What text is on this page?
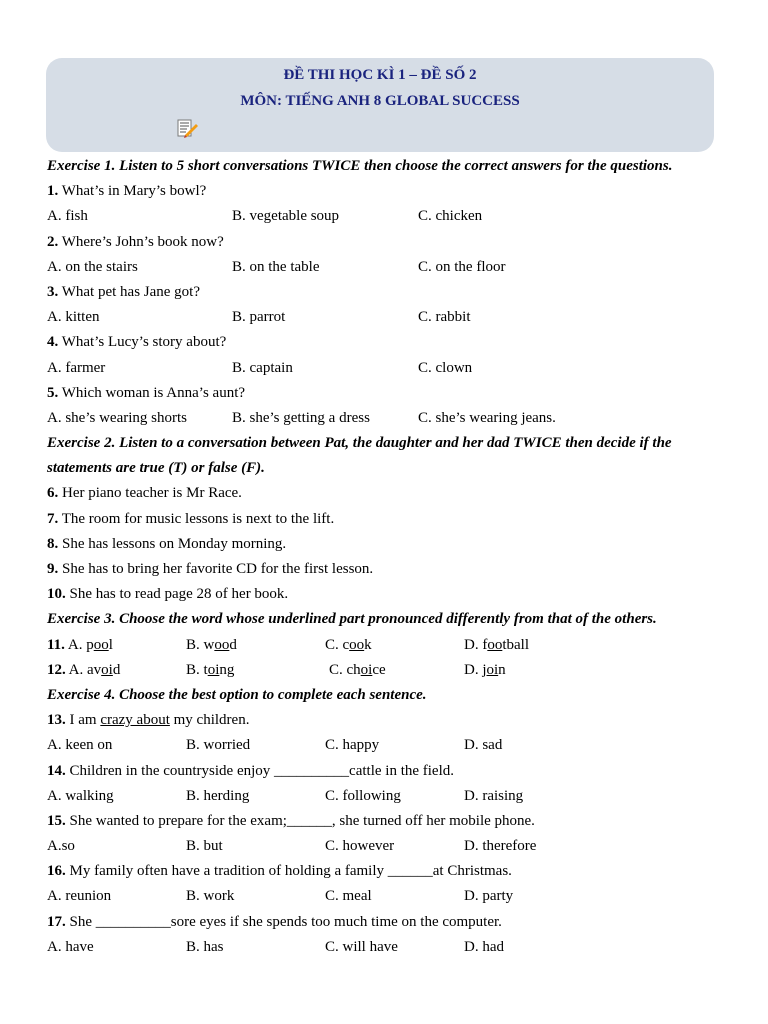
ĐỀ THI HỌC KÌ 1 – ĐỀ SỐ 2
MÔN: TIẾNG ANH 8 GLOBAL SUCCESS
Exercise 1. Listen to 5 short conversations TWICE then choose the correct answers for the questions.
1. What’s in Mary’s bowl?
A. fish	B. vegetable soup	C. chicken
2. Where’s John’s book now?
A. on the stairs	B. on the table	C. on the floor
3. What pet has Jane got?
A. kitten	B. parrot	C. rabbit
4. What’s Lucy’s story about?
A. farmer	B. captain	C. clown
5. Which woman is Anna’s aunt?
A. she’s wearing shorts	B. she’s getting a dress	C. she’s wearing jeans.
Exercise 2. Listen to a conversation between Pat, the daughter and her dad TWICE then decide if the
statements are true (T) or false (F).
6. Her piano teacher is Mr Race.
7. The room for music lessons is next to the lift.
8. She has lessons on Monday morning.
9. She has to bring her favorite CD for the first lesson.
10. She has to read page 28 of her book.
Exercise 3. Choose the word whose underlined part pronounced differently from that of the others.
11. A. pool	B. wood	C. cook	D. football
12. A. avoid	B. toing	C. choice	D. join
Exercise 4. Choose the best option to complete each sentence.
13. I am crazy about my children.
A. keen on	B. worried	C. happy	D. sad
14. Children in the countryside enjoy __________cattle in the field.
A. walking	B. herding	C. following	D. raising
15. She wanted to prepare for the exam;______, she turned off her mobile phone.
A.so	B. but	C. however	D. therefore
16. My family often have a tradition of holding a family ______at Christmas.
A. reunion	B. work	C. meal	D. party
17. She __________sore eyes if she spends too much time on the computer.
A. have	B. has	C. will have	D. had
